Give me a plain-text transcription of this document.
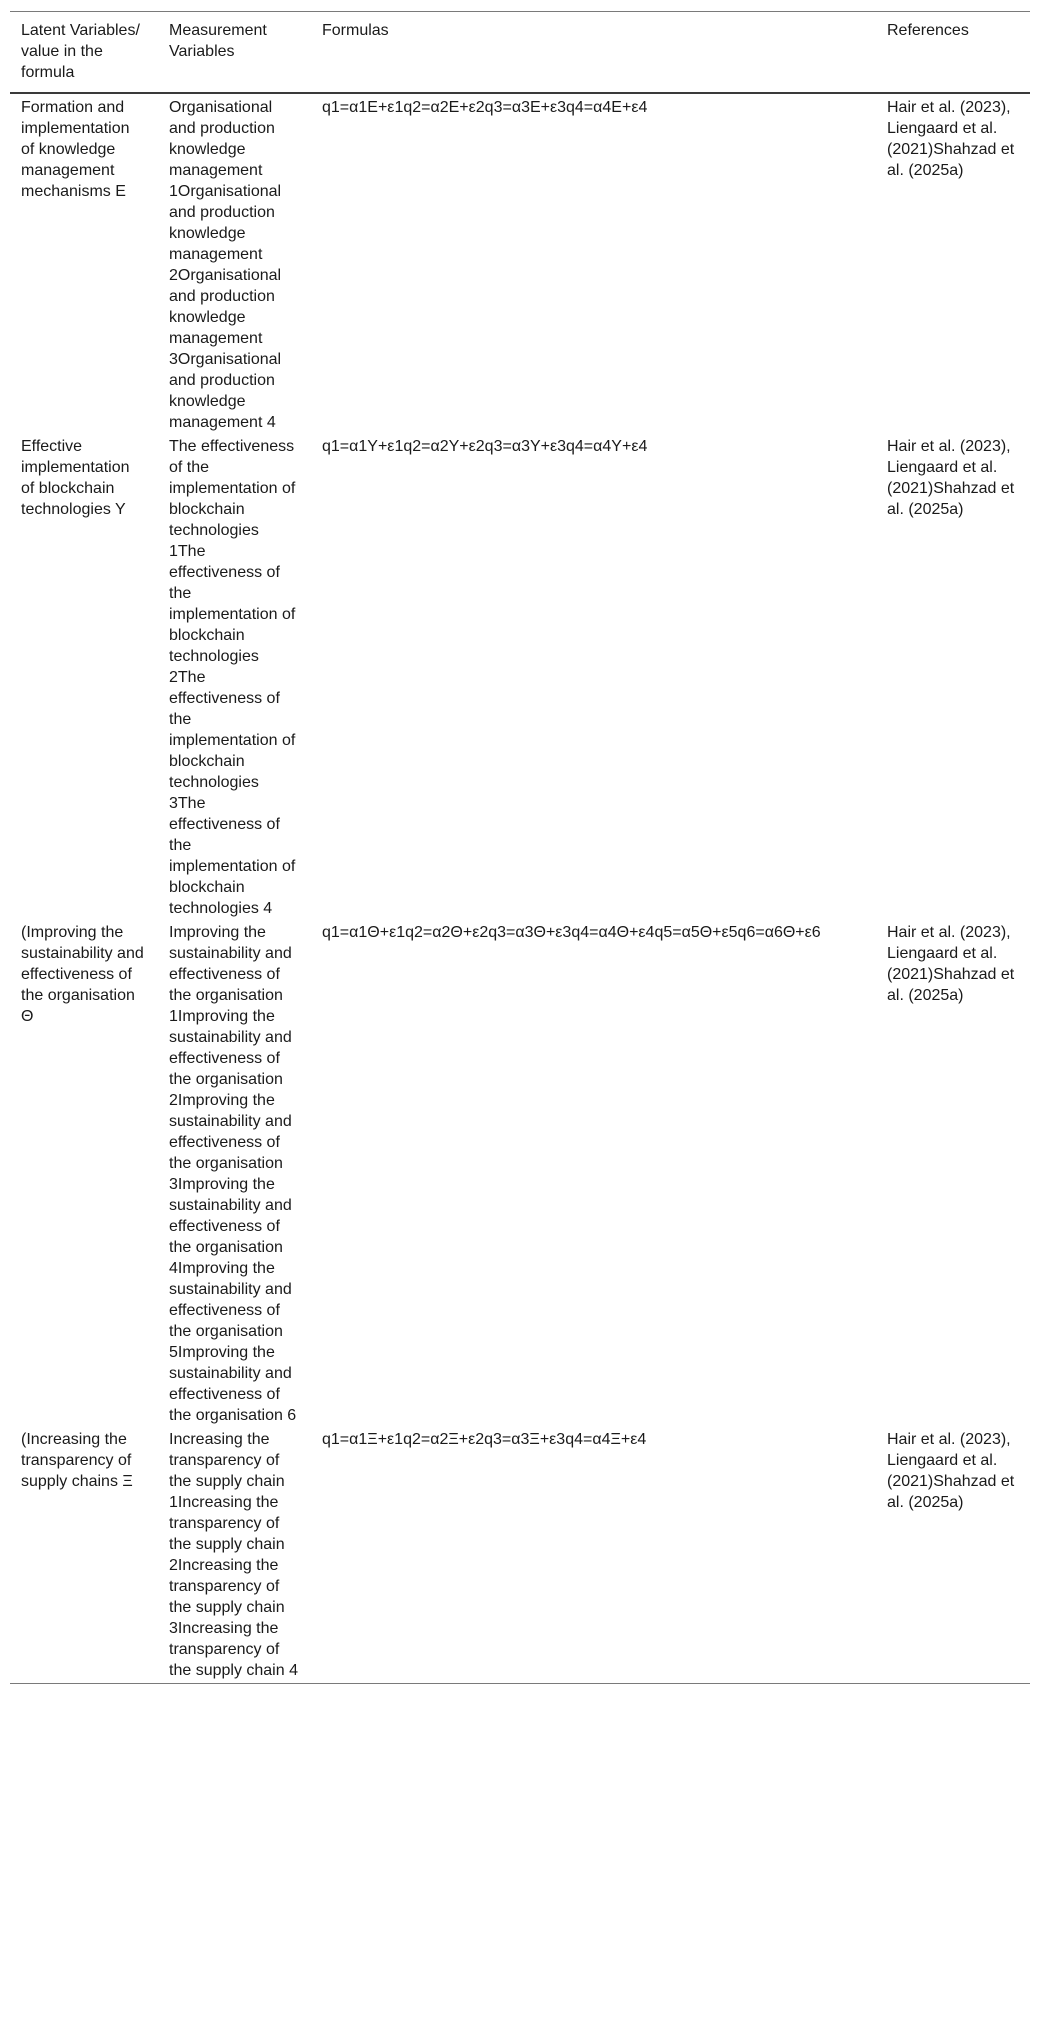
Latent Variables/ value in the formula	Measurement Variables	Formulas	References
Formation and implementation of knowledge management mechanisms E	Organisational and production knowledge management 1Organisational and production knowledge management 2Organisational and production knowledge management 3Organisational and production knowledge management 4	q1=α1E+ε1q2=α2E+ε2q3=α3E+ε3q4=α4E+ε4	Hair et al. (2023), Liengaard et al. (2021)Shahzad et al. (2025a)
Effective implementation of blockchain technologies Y	The effectiveness of the implementation of blockchain technologies 1The effectiveness of the implementation of blockchain technologies 2The effectiveness of the implementation of blockchain technologies 3The effectiveness of the implementation of blockchain technologies 4	q1=α1Y+ε1q2=α2Y+ε2q3=α3Y+ε3q4=α4Y+ε4	Hair et al. (2023), Liengaard et al. (2021)Shahzad et al. (2025a)
(Improving the sustainability and effectiveness of the organisation Θ	Improving the sustainability and effectiveness of the organisation 1Improving the sustainability and effectiveness of the organisation 2Improving the sustainability and effectiveness of the organisation 3Improving the sustainability and effectiveness of the organisation 4Improving the sustainability and effectiveness of the organisation 5Improving the sustainability and effectiveness of the organisation 6	q1=α1Θ+ε1q2=α2Θ+ε2q3=α3Θ+ε3q4=α4Θ+ε4q5=α5Θ+ε5q6=α6Θ+ε6	Hair et al. (2023), Liengaard et al. (2021)Shahzad et al. (2025a)
(Increasing the transparency of supply chains Ξ	Increasing the transparency of the supply chain 1Increasing the transparency of the supply chain 2Increasing the transparency of the supply chain 3Increasing the transparency of the supply chain 4	q1=α1Ξ+ε1q2=α2Ξ+ε2q3=α3Ξ+ε3q4=α4Ξ+ε4	Hair et al. (2023), Liengaard et al. (2021)Shahzad et al. (2025a)
